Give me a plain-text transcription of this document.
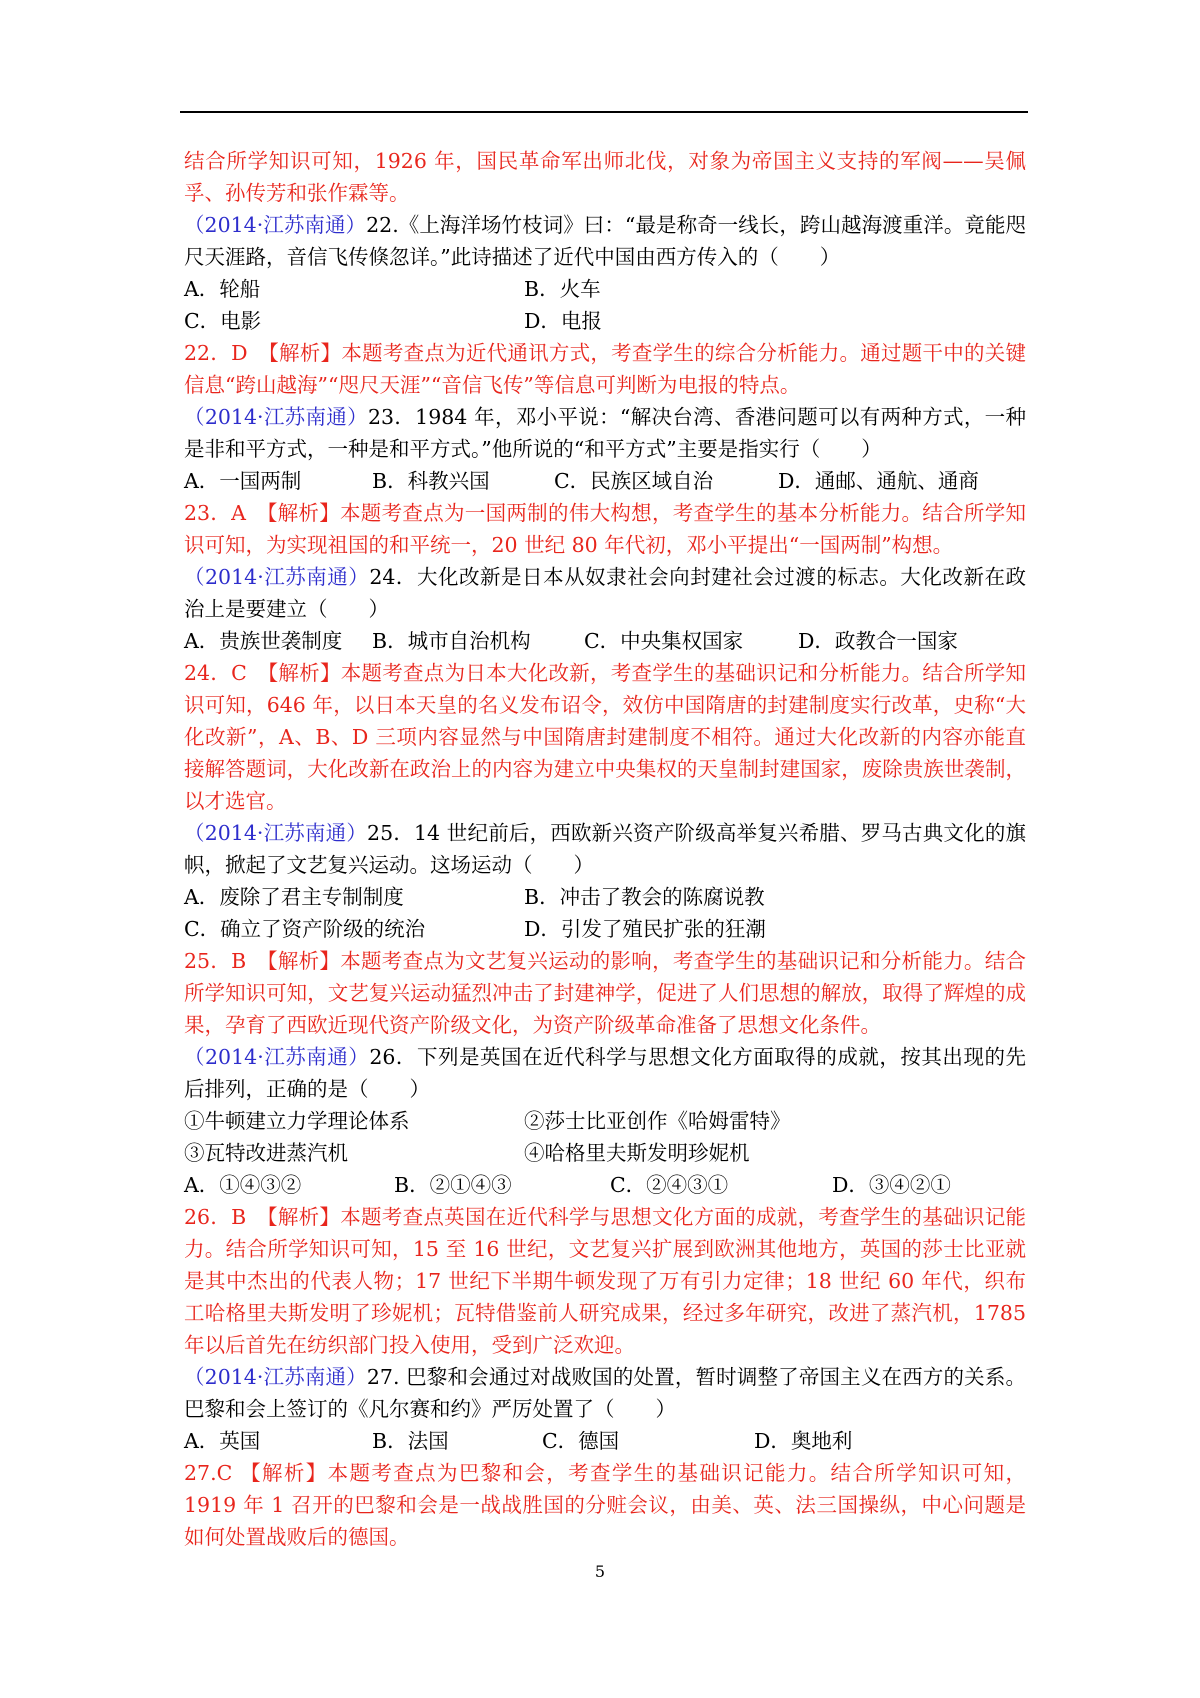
结合所学知识可知，1926 年，国民革命军出师北伐，对象为帝国主义支持的军阀——吴佩孚、孙传芳和张作霖等。

（2014·江苏南通）22.《上海洋场竹枝词》曰：“最是称奇一线长，跨山越海渡重洋。竟能咫尺天涯路，音信飞传倏忽详。”此诗描述了近代中国由西方传入的（　　）

A．轮船	B．火车
C．电影	D．电报

22．D　【解析】本题考查点为近代通讯方式，考查学生的综合分析能力。通过题干中的关键信息“跨山越海”“咫尺天涯”“音信飞传”等信息可判断为电报的特点。

（2014·江苏南通）23．1984 年，邓小平说：“解决台湾、香港问题可以有两种方式，一种是非和平方式，一种是和平方式。”他所说的“和平方式”主要是指实行（　　）

A．一国两制	B．科教兴国	C．民族区域自治	D．通邮、通航、通商

23．A　【解析】本题考查点为一国两制的伟大构想，考查学生的基本分析能力。结合所学知识可知，为实现祖国的和平统一，20 世纪 80 年代初，邓小平提出“一国两制”构想。

（2014·江苏南通）24．大化改新是日本从奴隶社会向封建社会过渡的标志。大化改新在政治上是要建立（　　）

A．贵族世袭制度	B．城市自治机构	C．中央集权国家	D．政教合一国家

24．C　【解析】本题考查点为日本大化改新，考查学生的基础识记和分析能力。结合所学知识可知，646 年，以日本天皇的名义发布诏令，效仿中国隋唐的封建制度实行改革，史称“大化改新”，A、B、D 三项内容显然与中国隋唐封建制度不相符。通过大化改新的内容亦能直接解答题词，大化改新在政治上的内容为建立中央集权的天皇制封建国家，废除贵族世袭制，以才选官。

（2014·江苏南通）25．14 世纪前后，西欧新兴资产阶级高举复兴希腊、罗马古典文化的旗帜，掀起了文艺复兴运动。这场运动（　　）

A．废除了君主专制制度	B．冲击了教会的陈腐说教
C．确立了资产阶级的统治	D．引发了殖民扩张的狂潮

25．B　【解析】本题考查点为文艺复兴运动的影响，考查学生的基础识记和分析能力。结合所学知识可知，文艺复兴运动猛烈冲击了封建神学，促进了人们思想的解放，取得了辉煌的成果，孕育了西欧近现代资产阶级文化，为资产阶级革命准备了思想文化条件。

（2014·江苏南通）26．下列是英国在近代科学与思想文化方面取得的成就，按其出现的先后排列，正确的是（　　）

①牛顿建立力学理论体系	②莎士比亚创作《哈姆雷特》
③瓦特改进蒸汽机	④哈格里夫斯发明珍妮机
A．①④③②	B．②①④③	C．②④③①	D．③④②①

26．B　【解析】本题考查点英国在近代科学与思想文化方面的成就，考查学生的基础识记能力。结合所学知识可知，15 至 16 世纪，文艺复兴扩展到欧洲其他地方，英国的莎士比亚就是其中杰出的代表人物；17 世纪下半期牛顿发现了万有引力定律；18 世纪 60 年代，织布工哈格里夫斯发明了珍妮机；瓦特借鉴前人研究成果，经过多年研究，改进了蒸汽机，1785 年以后首先在纺织部门投入使用，受到广泛欢迎。

（2014·江苏南通）27. 巴黎和会通过对战败国的处置，暂时调整了帝国主义在西方的关系。巴黎和会上签订的《凡尔赛和约》严厉处置了（　　）

A．英国	B．法国	C．德国	D．奥地利

27.C 【解析】本题考查点为巴黎和会，考查学生的基础识记能力。结合所学知识可知，1919 年 1 召开的巴黎和会是一战战胜国的分赃会议，由美、英、法三国操纵，中心问题是如何处置战败后的德国。

5
